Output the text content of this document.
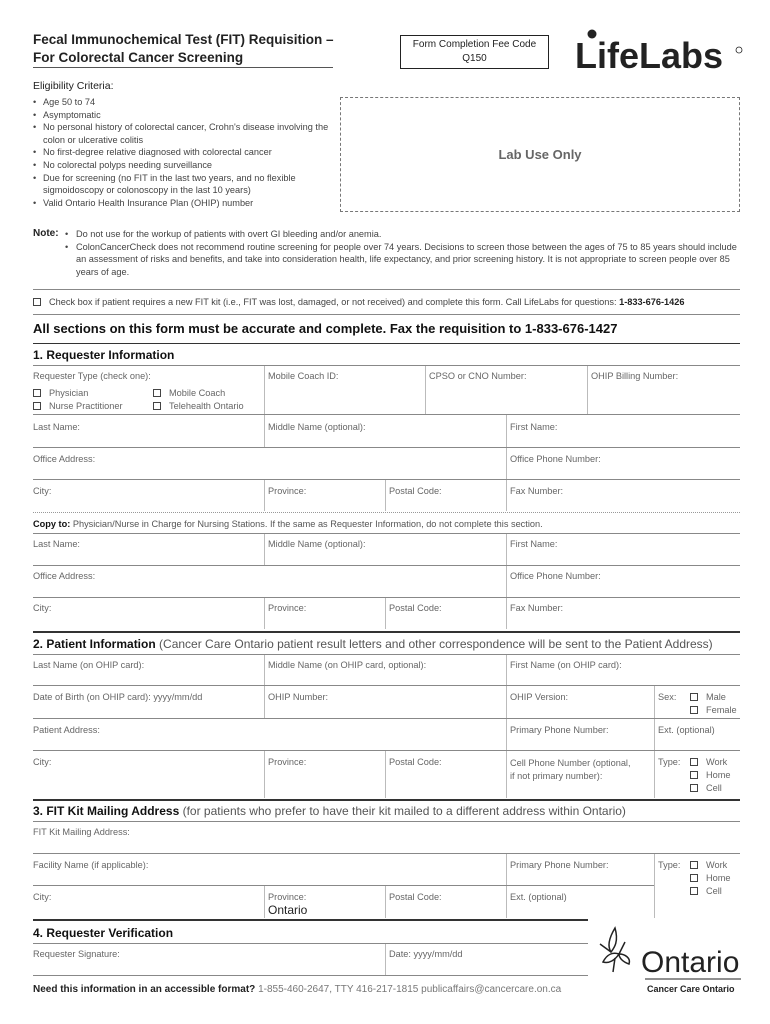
Fecal Immunochemical Test (FIT) Requisition –
For Colorectal Cancer Screening
Form Completion Fee Code
Q150	LifeLabs
Eligibility Criteria:
• Age 50 to 74
• Asymptomatic
• No personal history of colorectal cancer, Crohn's disease involving the colon or ulcerative colitis
• No first-degree relative diagnosed with colorectal cancer
• No colorectal polyps needing surveillance
• Due for screening (no FIT in the last two years, and no flexible sigmoidoscopy or colonoscopy in the last 10 years)
• Valid Ontario Health Insurance Plan (OHIP) number
Lab Use Only
Note:
•	Do not use for the workup of patients with overt GI bleeding and/or anemia.
• ColonCancerCheck does not recommend routine screening for people over 74 years. Decisions to screen those between the ages of 75 to 85 years should include an assessment of risks and benefits, and take into consideration health, life expectancy, and prior screening history. It is not appropriate to screen people over 85 years of age.
Check box if patient requires a new FIT kit (i.e., FIT was lost, damaged, or not received) and complete this form. Call LifeLabs for questions: 1-833-676-1426
All sections on this form must be accurate and complete. Fax the requisition to 1-833-676-1427
1. Requester Information
Requester Type (check one):
Physician
Nurse Practitioner
Mobile Coach
Telehealth Ontario
Mobile Coach ID:	CPSO or CNO Number:	OHIP Billing Number:
Last Name:	Middle Name (optional):	First Name:
Office Address:	Office Phone Number:
City:	Province:	Postal Code:	Fax Number:
Copy to: Physician/Nurse in Charge for Nursing Stations. If the same as Requester Information, do not complete this section.
Last Name:	Middle Name (optional):	First Name:
Office Address:	Office Phone Number:
City:	Province:	Postal Code:	Fax Number:
2. Patient Information (Cancer Care Ontario patient result letters and other correspondence will be sent to the Patient Address)
Last Name (on OHIP card):	Middle Name (on OHIP card, optional):	First Name (on OHIP card):
Date of Birth (on OHIP card): yyyy/mm/dd	OHIP Number:	OHIP Version:	Sex:	Male
Female
Patient Address:	Primary Phone Number:	Ext. (optional)
City:	Province:	Postal Code:	Cell Phone Number (optional,
if not primary number):
Type:	Work
Home
Cell
3. FIT Kit Mailing Address (for patients who prefer to have their kit mailed to a different address within Ontario)
FIT Kit Mailing Address:
Facility Name (if applicable):	Primary Phone Number:	Type:	Work
Home
Cell
City:	Province:
Ontario
Postal Code:	Ext. (optional)
4. Requester Verification
Requester Signature:	Date: yyyy/mm/dd
Need this information in an accessible format? 1-855-460-2647, TTY 416-217-1815 publicaffairs@cancercare.on.ca
Ontario
Cancer Care Ontario
